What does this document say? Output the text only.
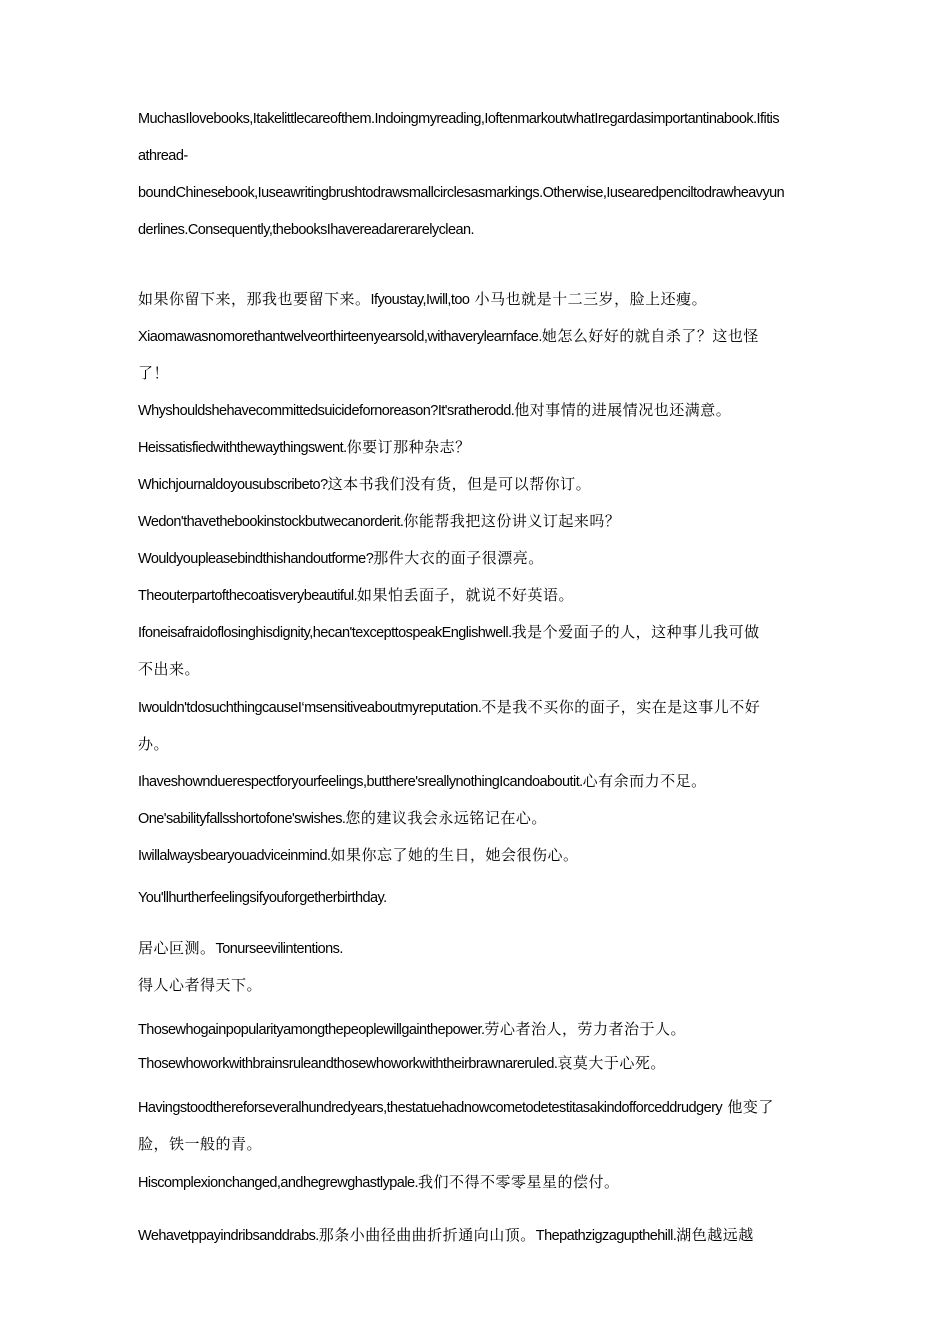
MuchasIlovebooks,Itakelittlecareofthem.Indoingmyreading,IoftenmarkoutwhatIregardasimportantinabook.Ifitis
athread-
boundChinesebook,Iuseawritingbrushtodrawsmallcirclesasmarkings.Otherwise,Iusearedpenciltodrawheavyun
derlines.Consequently,thebooksIhavereadarerarelyclean.
如果你留下来，那我也要留下来。Ifyoustay,Iwill,too 小马也就是十二三岁，脸上还瘦。
Xiaomawasnomorethantwelveorthirteenyearsold,withaverylearnface.她怎么好好的就自杀了？这也怪
了！
Whyshouldshehavecommittedsuicidefornoreason?It'sratherodd.他对事情的进展情况也还满意。
Heissatisfiedwiththewaythingswent.你要订那种杂志？
Whichjournaldoyousubscribeto?这本书我们没有货，但是可以帮你订。
Wedon'thavethebookinstockbutwecanorderit.你能帮我把这份讲义订起来吗？
Wouldyoupleasebindthishandoutforme?那件大衣的面子很漂亮。
Theouterpartofthecoatisverybeautiful.如果怕丢面子，就说不好英语。
Ifoneisafraidoflosinghisdignity,hecan'texcepttospeakEnglishwell.我是个爱面子的人，这种事儿我可做
不出来。
Iwouldn'tdosuchthingcauseI‘msensitiveaboutmyreputation.不是我不买你的面子，实在是这事儿不好
办。
Ihaveshownduerespectforyourfeelings,butthere'sreallynothingIcandoaboutit.心有余而力不足。
One'sabilityfallsshortofone'swishes.您的建议我会永远铭记在心。
Iwillalwaysbearyouadviceinmind.如果你忘了她的生日，她会很伤心。
You'llhurtherfeelingsifyouforgetherbirthday.
居心叵测。Tonurseevilintentions.
得人心者得天下。
Thosewhogainpopularityamongthepeoplewillgainthepower.劳心者治人，劳力者治于人。
Thosewhoworkwithbrainsruleandthosewhoworkwiththeirbrawnareruled.哀莫大于心死。
Havingstoodthereforseveralhundredyears,thestatuehadnowcometodetestitasakindofforceddrudgery 他变了
脸，铁一般的青。
Hiscomplexionchanged,andhegrewghastlypale.我们不得不零零星星的偿付。
Wehavetppayindribsanddrabs.那条小曲径曲曲折折通向山顶。Thepathzigzagupthehill.湖色越远越
